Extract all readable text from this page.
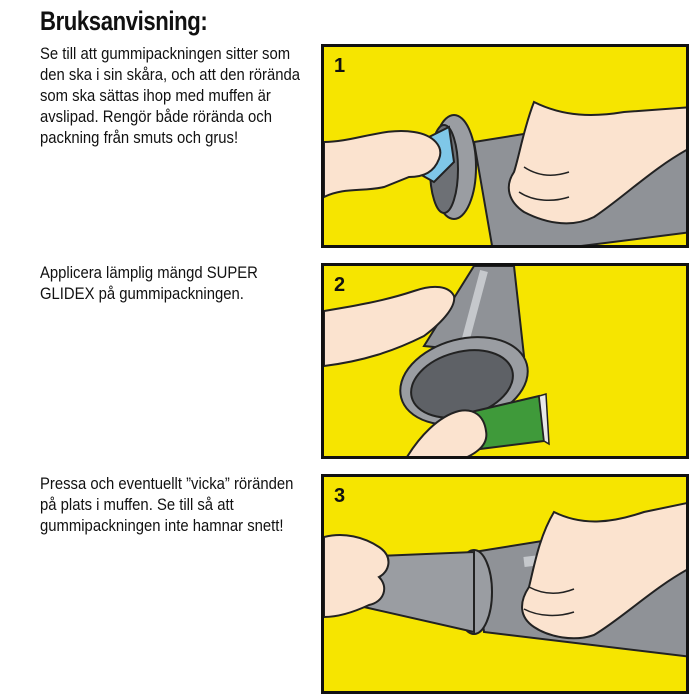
Bruksanvisning:
Se till att gummipackningen sitter som den ska i sin skåra, och att den rörända som ska sättas ihop med muffen är avslipad. Rengör både rörända och packning från smuts och grus!
Applicera lämplig mängd SUPER GLIDEX på gummipackningen.
Pressa och eventuellt ”vicka” röränden på plats i muffen. Se till så att gummipackningen inte hamnar snett!
1
2
3
